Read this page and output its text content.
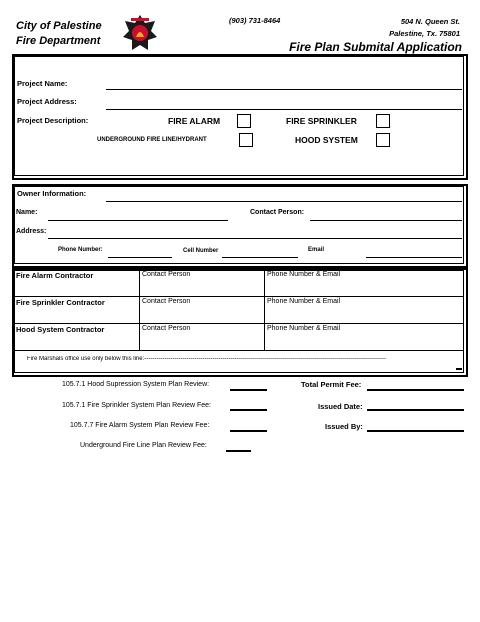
City of Palestine
Fire Department
(903) 731-8464	504 N. Queen St.
Palestine, Tx. 75801
Fire Plan Submital Application
Project Name:
Project Address:
Project Description:	FIRE ALARM	FIRE SPRINKLER
UNDERGROUND FIRE LINE/HYDRANT	HOOD SYSTEM
Owner Information:
Name:	Contact Person:
Address:
Phone Number:	Cell Number	Email
Fire Alarm Contractor	Contact Person	Phone Number & Email
Fire Sprinkler Contractor	Contact Person	Phone Number & Email
Hood System Contractor	Contact Person	Phone Number & Email
Fire Marshals office use only below this line:-------------------------------------------------------------------------------------------------------------------------
105.7.1 Hood Supression System Plan Review:
105.7.1 Fire Sprinkler System Plan Review Fee:
105.7.7 Fire Alarm System Plan Review Fee:
Underground Fire Line Plan Review Fee:
Total Permit Fee:
Issued Date:
Issued By:
